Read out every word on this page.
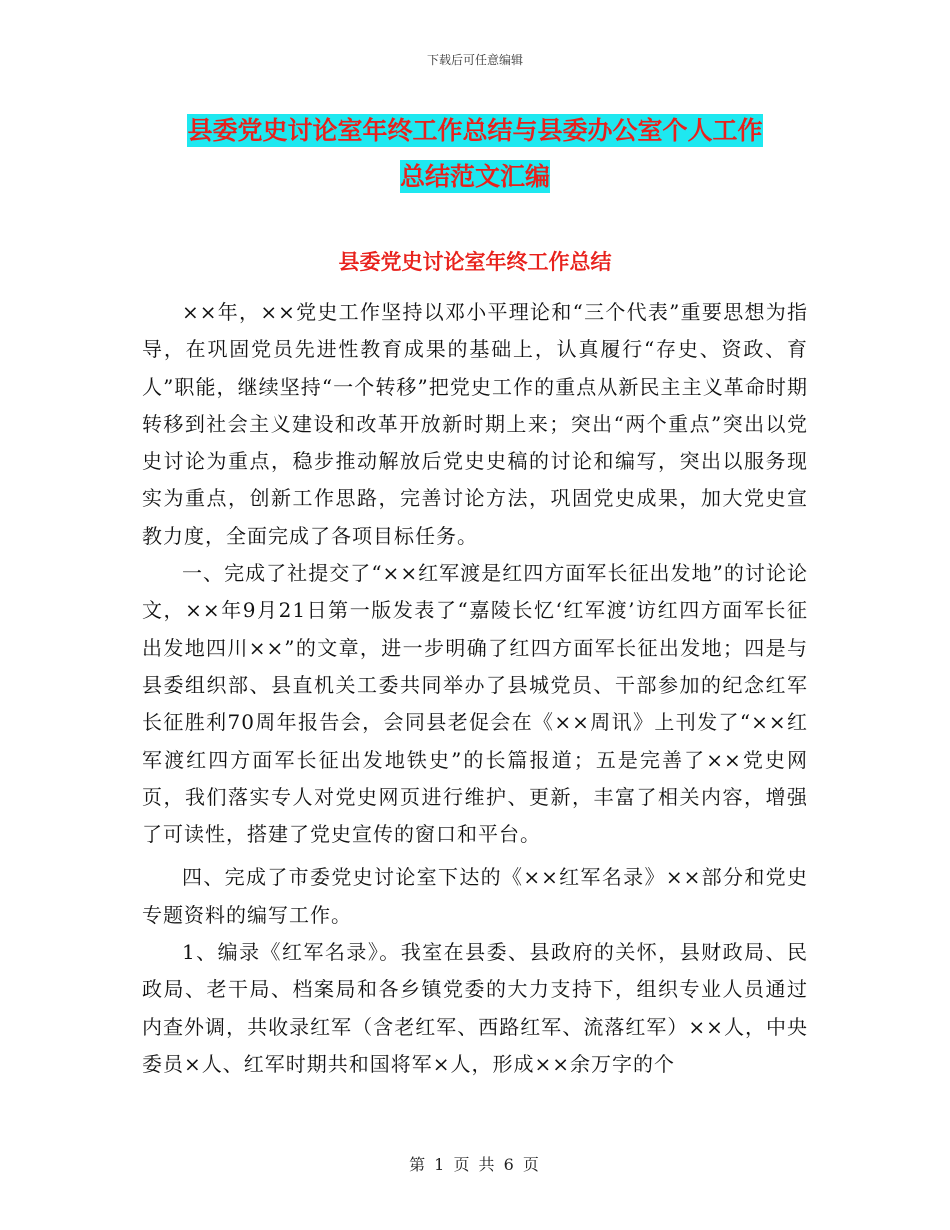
下载后可任意编辑
县委党史讨论室年终工作总结与县委办公室个人工作
总结范文汇编
县委党史讨论室年终工作总结

××年，××党史工作坚持以邓小平理论和“三个代表”重要思想为指导，在巩固党员先进性教育成果的基础上，认真履行“存史、资政、育人”职能，继续坚持“一个转移”把党史工作的重点从新民主主义革命时期转移到社会主义建设和改革开放新时期上来；突出“两个重点”突出以党史讨论为重点，稳步推动解放后党史史稿的讨论和编写，突出以服务现实为重点，创新工作思路，完善讨论方法，巩固党史成果，加大党史宣教力度，全面完成了各项目标任务。

一、完成了社提交了“××红军渡是红四方面军长征出发地”的讨论论文，××年9月21日第一版发表了“嘉陵长忆‘红军渡’访红四方面军长征出发地四川××”的文章，进一步明确了红四方面军长征出发地；四是与县委组织部、县直机关工委共同举办了县城党员、干部参加的纪念红军长征胜利70周年报告会，会同县老促会在《××周讯》上刊发了“××红军渡红四方面军长征出发地铁史”的长篇报道；五是完善了××党史网页，我们落实专人对党史网页进行维护、更新，丰富了相关内容，增强了可读性，搭建了党史宣传的窗口和平台。

四、完成了市委党史讨论室下达的《××红军名录》××部分和党史专题资料的编写工作。

1、编录《红军名录》。我室在县委、县政府的关怀，县财政局、民政局、老干局、档案局和各乡镇党委的大力支持下，组织专业人员通过内查外调，共收录红军（含老红军、西路红军、流落红军）××人，中央委员×人、红军时期共和国将军×人，形成××余万字的个

第 1 页 共 6 页
